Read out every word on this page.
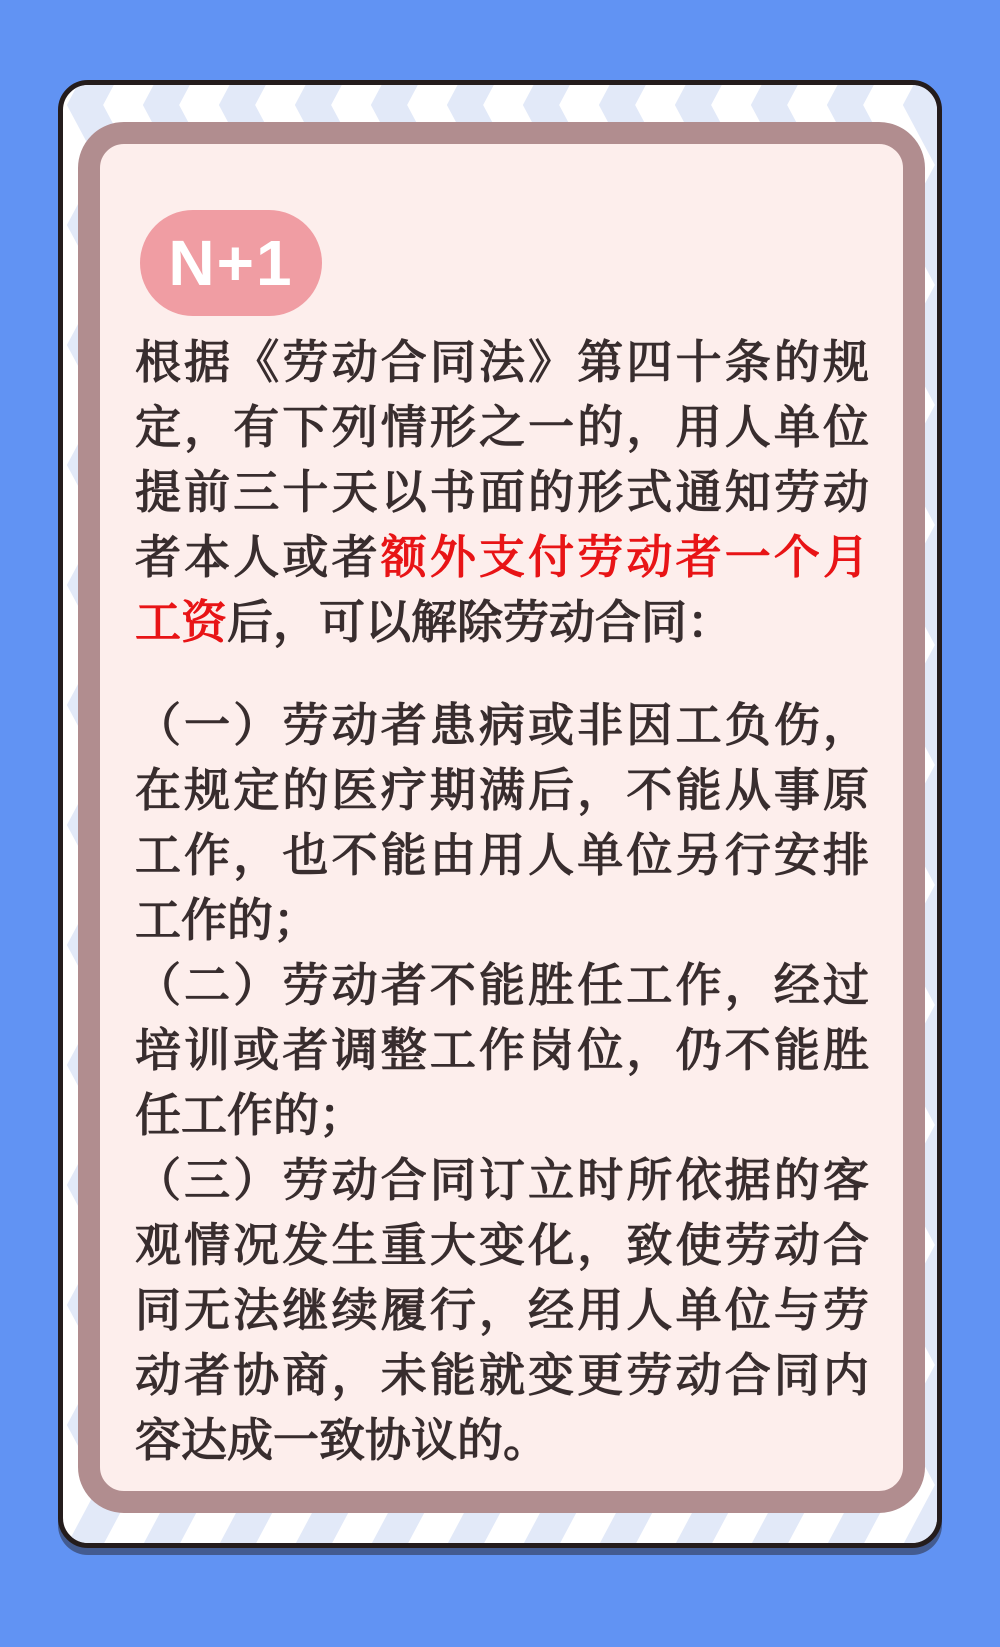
N+1

根据《劳动合同法》第四十条的规定，有下列情形之一的，用人单位提前三十天以书面的形式通知劳动者本人或者额外支付劳动者一个月工资后，可以解除劳动合同：

（一）劳动者患病或非因工负伤，在规定的医疗期满后，不能从事原工作，也不能由用人单位另行安排工作的；

（二）劳动者不能胜任工作，经过培训或者调整工作岗位，仍不能胜任工作的；

（三）劳动合同订立时所依据的客观情况发生重大变化，致使劳动合同无法继续履行，经用人单位与劳动者协商，未能就变更劳动合同内容达成一致协议的。
